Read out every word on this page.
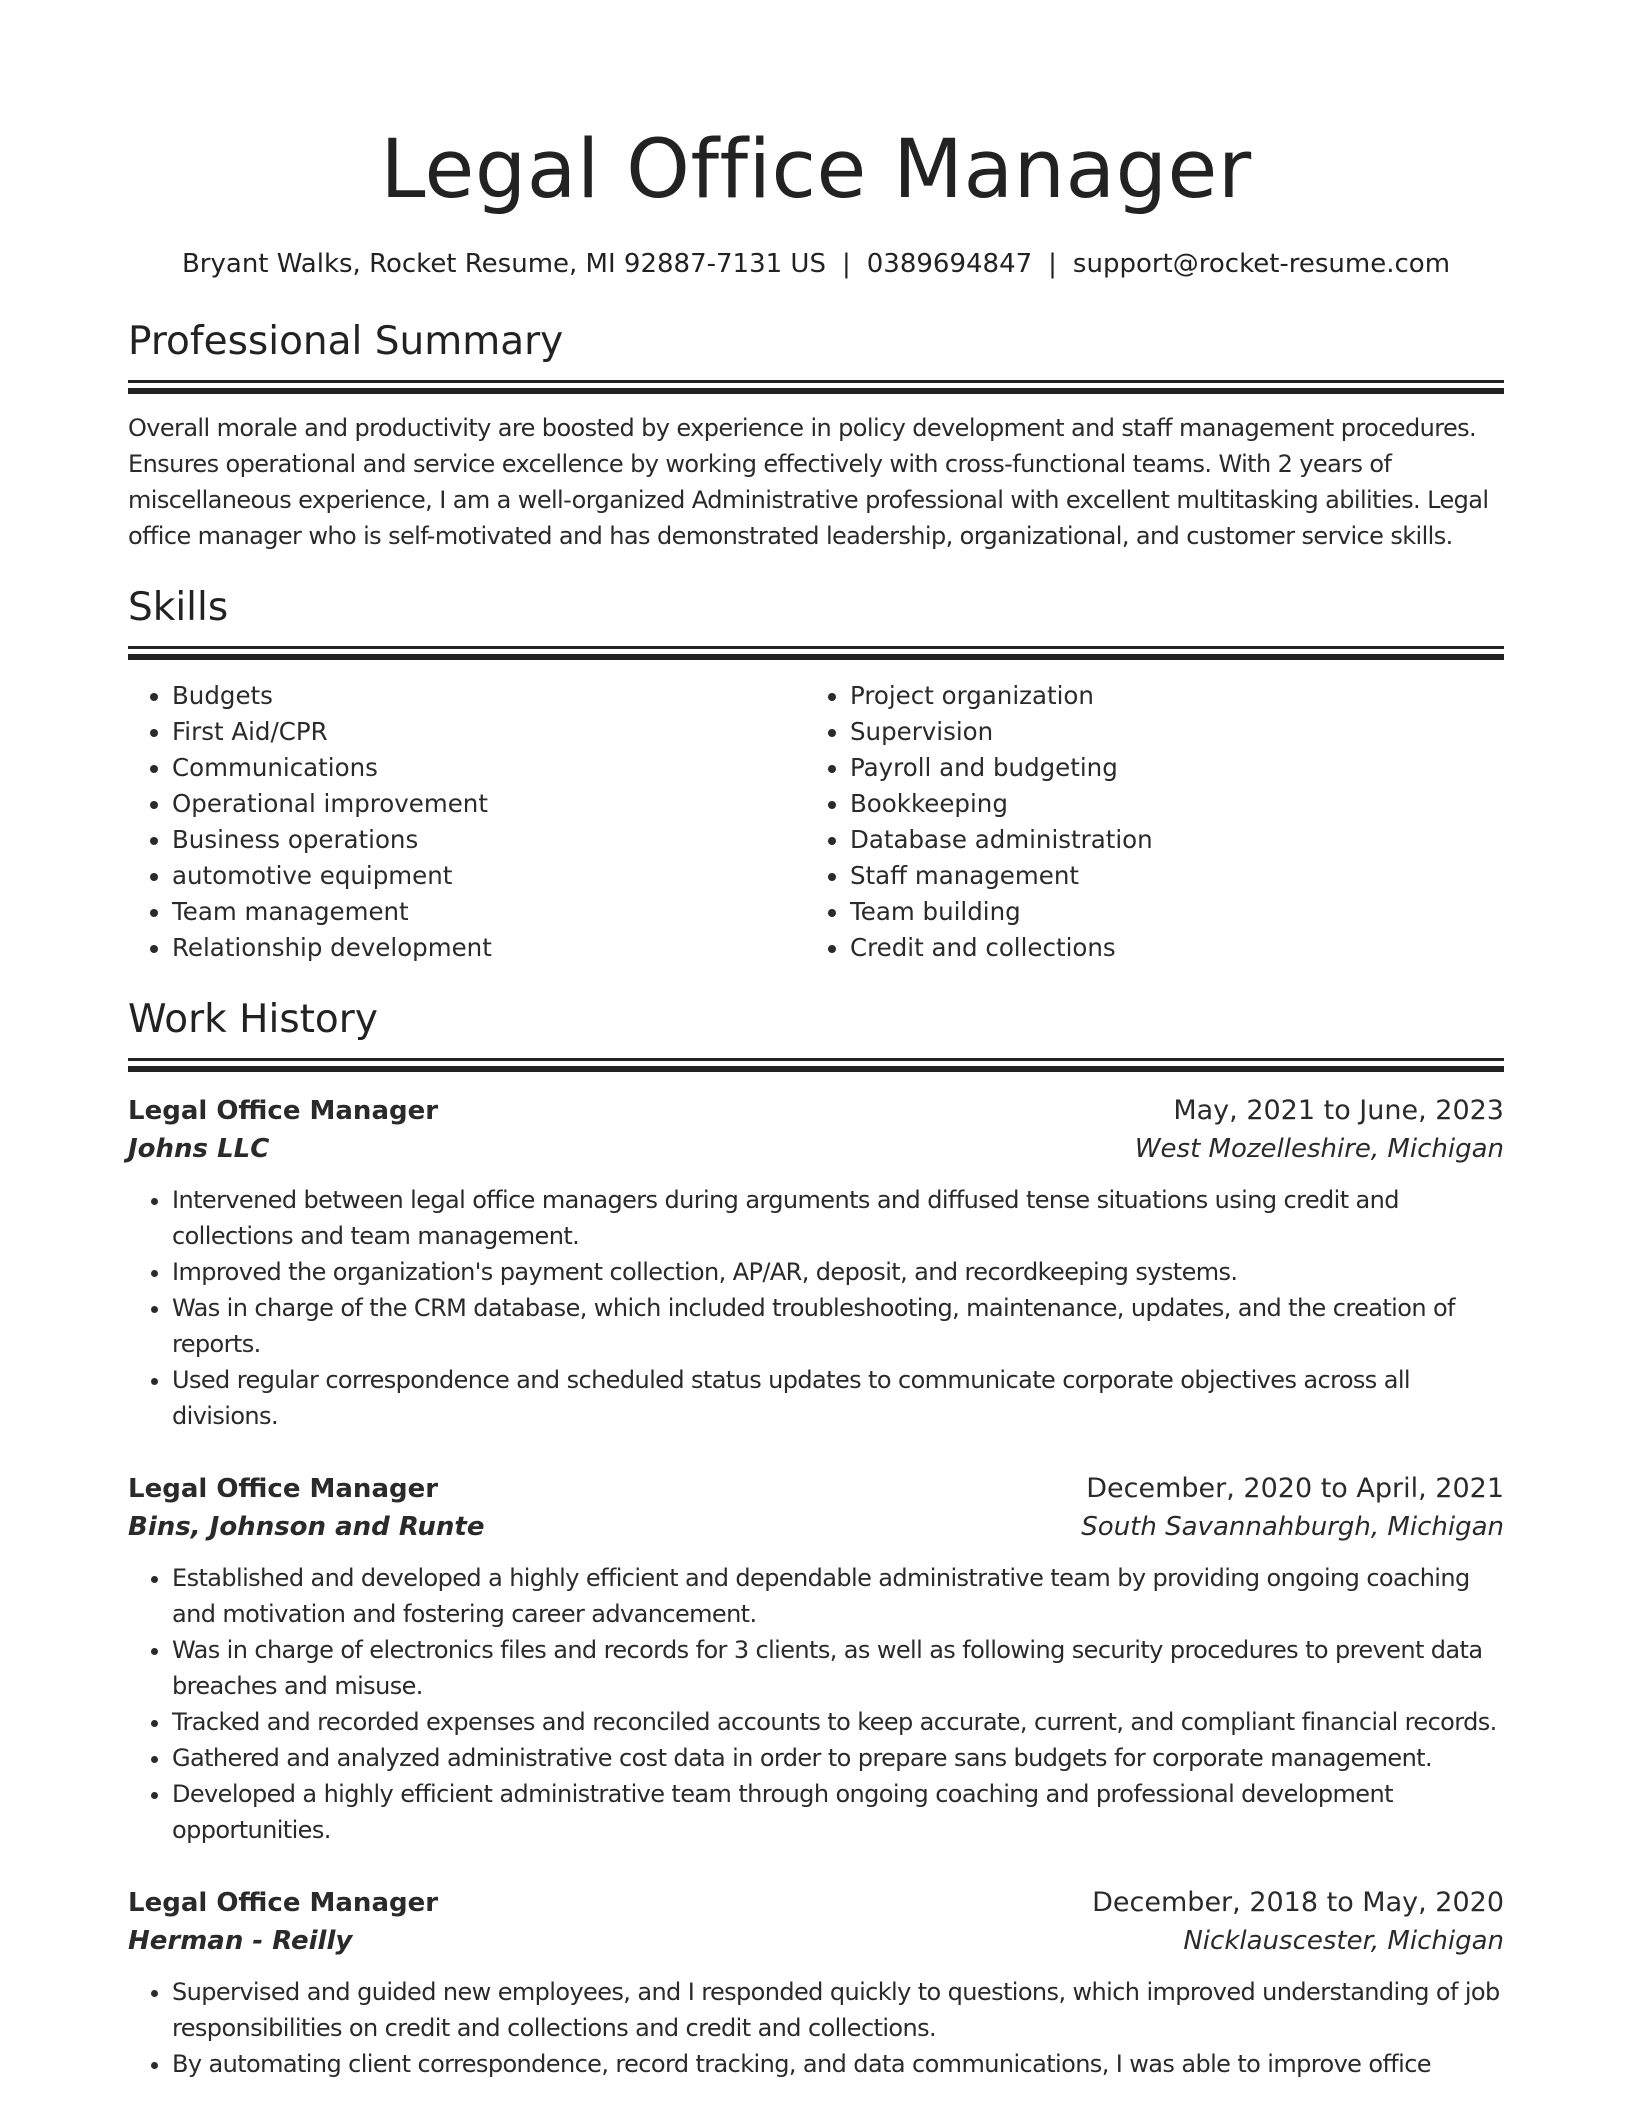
Legal Office Manager
Bryant Walks, Rocket Resume, MI 92887-7131 US | 0389694847 | support@rocket-resume.com
Professional Summary

Overall morale and productivity are boosted by experience in policy development and staff management procedures. Ensures operational and service excellence by working effectively with cross-functional teams. With 2 years of miscellaneous experience, I am a well-organized Administrative professional with excellent multitasking abilities. Legal office manager who is self-motivated and has demonstrated leadership, organizational, and customer service skills.

Skills
• Budgets
• First Aid/CPR
• Communications
• Operational improvement
• Business operations
• automotive equipment
• Team management
• Relationship development
• Project organization
• Supervision
• Payroll and budgeting
• Bookkeeping
• Database administration
• Staff management
• Team building
• Credit and collections
Work History
Legal Office Manager	May, 2021 to June, 2023
Johns LLC	West Mozelleshire, Michigan
• Intervened between legal office managers during arguments and diffused tense situations using credit and collections and team management.
• Improved the organization's payment collection, AP/AR, deposit, and recordkeeping systems.
• Was in charge of the CRM database, which included troubleshooting, maintenance, updates, and the creation of reports.
• Used regular correspondence and scheduled status updates to communicate corporate objectives across all divisions.
Legal Office Manager	December, 2020 to April, 2021
Bins, Johnson and Runte	South Savannahburgh, Michigan
• Established and developed a highly efficient and dependable administrative team by providing ongoing coaching and motivation and fostering career advancement.
• Was in charge of electronics files and records for 3 clients, as well as following security procedures to prevent data breaches and misuse.
• Tracked and recorded expenses and reconciled accounts to keep accurate, current, and compliant financial records.
• Gathered and analyzed administrative cost data in order to prepare sans budgets for corporate management.
• Developed a highly efficient administrative team through ongoing coaching and professional development opportunities.
Legal Office Manager	December, 2018 to May, 2020
Herman - Reilly	Nicklauscester, Michigan
• Supervised and guided new employees, and I responded quickly to questions, which improved understanding of job responsibilities on credit and collections and credit and collections.
• By automating client correspondence, record tracking, and data communications, I was able to improve office
